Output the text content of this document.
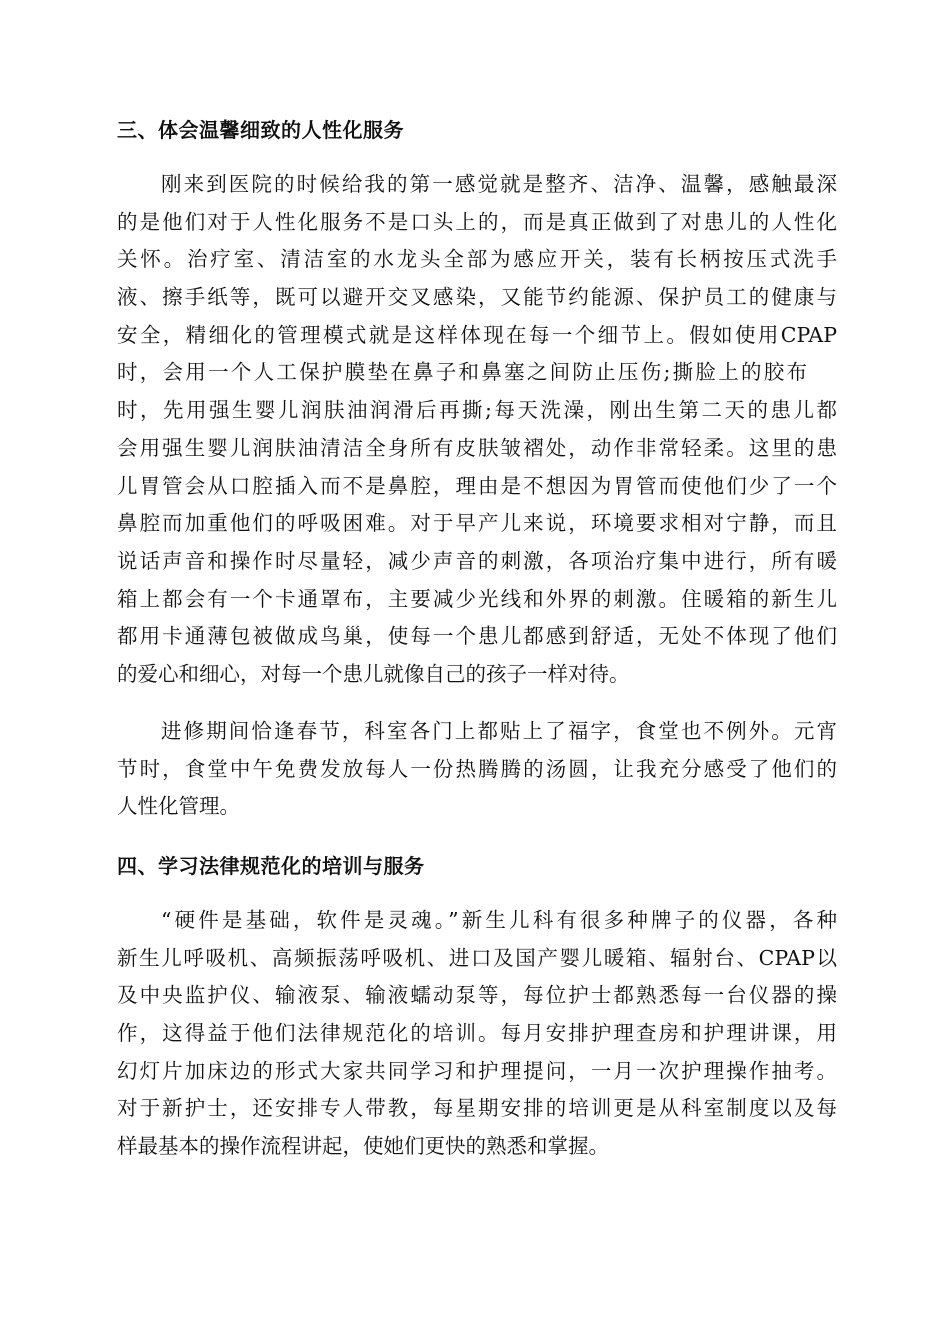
三、体会温馨细致的人性化服务
刚来到医院的时候给我的第一感觉就是整齐、洁净、温馨，感触最深
的是他们对于人性化服务不是口头上的，而是真正做到了对患儿的人性化
关怀。治疗室、清洁室的水龙头全部为感应开关，装有长柄按压式洗手
液、擦手纸等，既可以避开交叉感染，又能节约能源、保护员工的健康与
安全，精细化的管理模式就是这样体现在每一个细节上。假如使用CPAP
时，会用一个人工保护膜垫在鼻子和鼻塞之间防止压伤;撕脸上的胶布
时，先用强生婴儿润肤油润滑后再撕;每天洗澡，刚出生第二天的患儿都
会用强生婴儿润肤油清洁全身所有皮肤皱褶处，动作非常轻柔。这里的患
儿胃管会从口腔插入而不是鼻腔，理由是不想因为胃管而使他们少了一个
鼻腔而加重他们的呼吸困难。对于早产儿来说，环境要求相对宁静，而且
说话声音和操作时尽量轻，减少声音的刺激，各项治疗集中进行，所有暖
箱上都会有一个卡通罩布，主要减少光线和外界的刺激。住暖箱的新生儿
都用卡通薄包被做成鸟巢，使每一个患儿都感到舒适，无处不体现了他们
的爱心和细心，对每一个患儿就像自己的孩子一样对待。
进修期间恰逢春节，科室各门上都贴上了福字，食堂也不例外。元宵
节时，食堂中午免费发放每人一份热腾腾的汤圆，让我充分感受了他们的
人性化管理。
四、学习法律规范化的培训与服务
“硬件是基础，软件是灵魂。”新生儿科有很多种牌子的仪器，各种
新生儿呼吸机、高频振荡呼吸机、进口及国产婴儿暖箱、辐射台、CPAP以
及中央监护仪、输液泵、输液蠕动泵等，每位护士都熟悉每一台仪器的操
作，这得益于他们法律规范化的培训。每月安排护理查房和护理讲课，用
幻灯片加床边的形式大家共同学习和护理提问，一月一次护理操作抽考。
对于新护士，还安排专人带教，每星期安排的培训更是从科室制度以及每
样最基本的操作流程讲起，使她们更快的熟悉和掌握。
